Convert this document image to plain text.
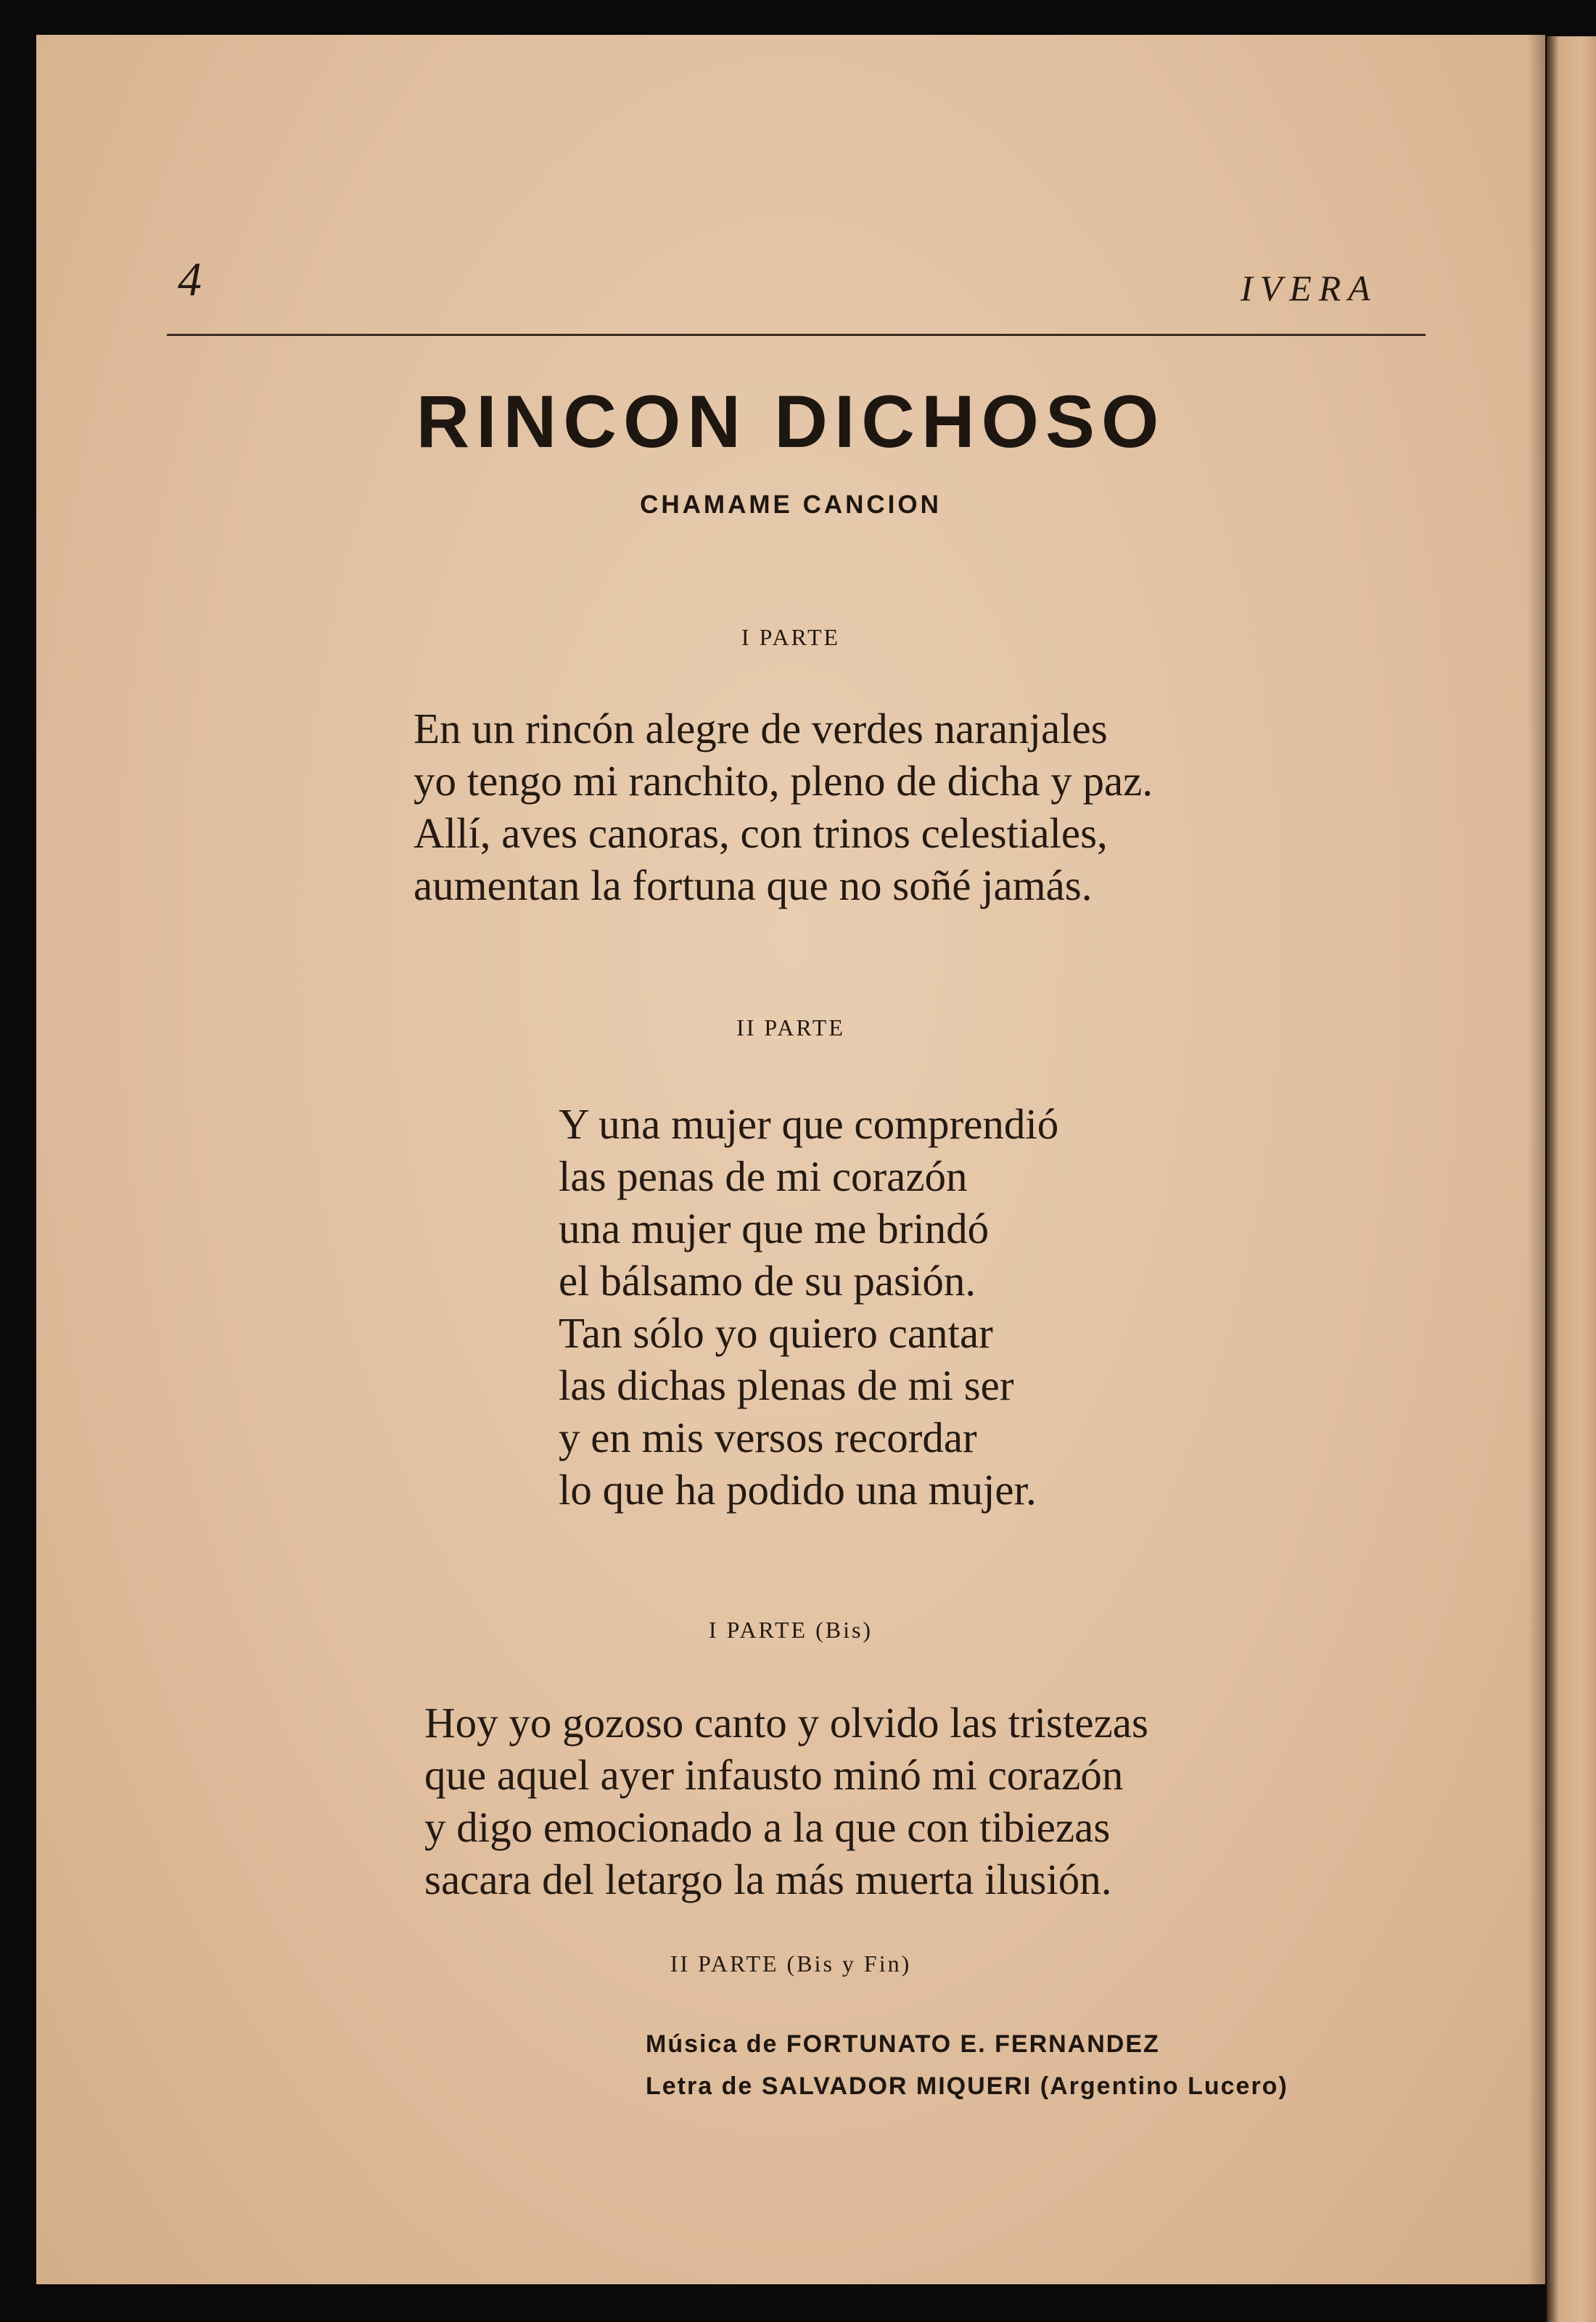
4	IVERA
RINCON DICHOSO
CHAMAME CANCION
I PARTE
En un rincón alegre de verdes naranjales
yo tengo mi ranchito, pleno de dicha y paz.
Allí, aves canoras, con trinos celestiales,
aumentan la fortuna que no soñé jamás.
II PARTE
Y una mujer que comprendió
las penas de mi corazón
una mujer que me brindó
el bálsamo de su pasión.
Tan sólo yo quiero cantar
las dichas plenas de mi ser
y en mis versos recordar
lo que ha podido una mujer.
I PARTE (Bis)
Hoy yo gozoso canto y olvido las tristezas
que aquel ayer infausto minó mi corazón
y digo emocionado a la que con tibiezas
sacara del letargo la más muerta ilusión.
II PARTE (Bis y Fin)
Música de FORTUNATO E. FERNANDEZ
Letra de SALVADOR MIQUERI (Argentino Lucero)
